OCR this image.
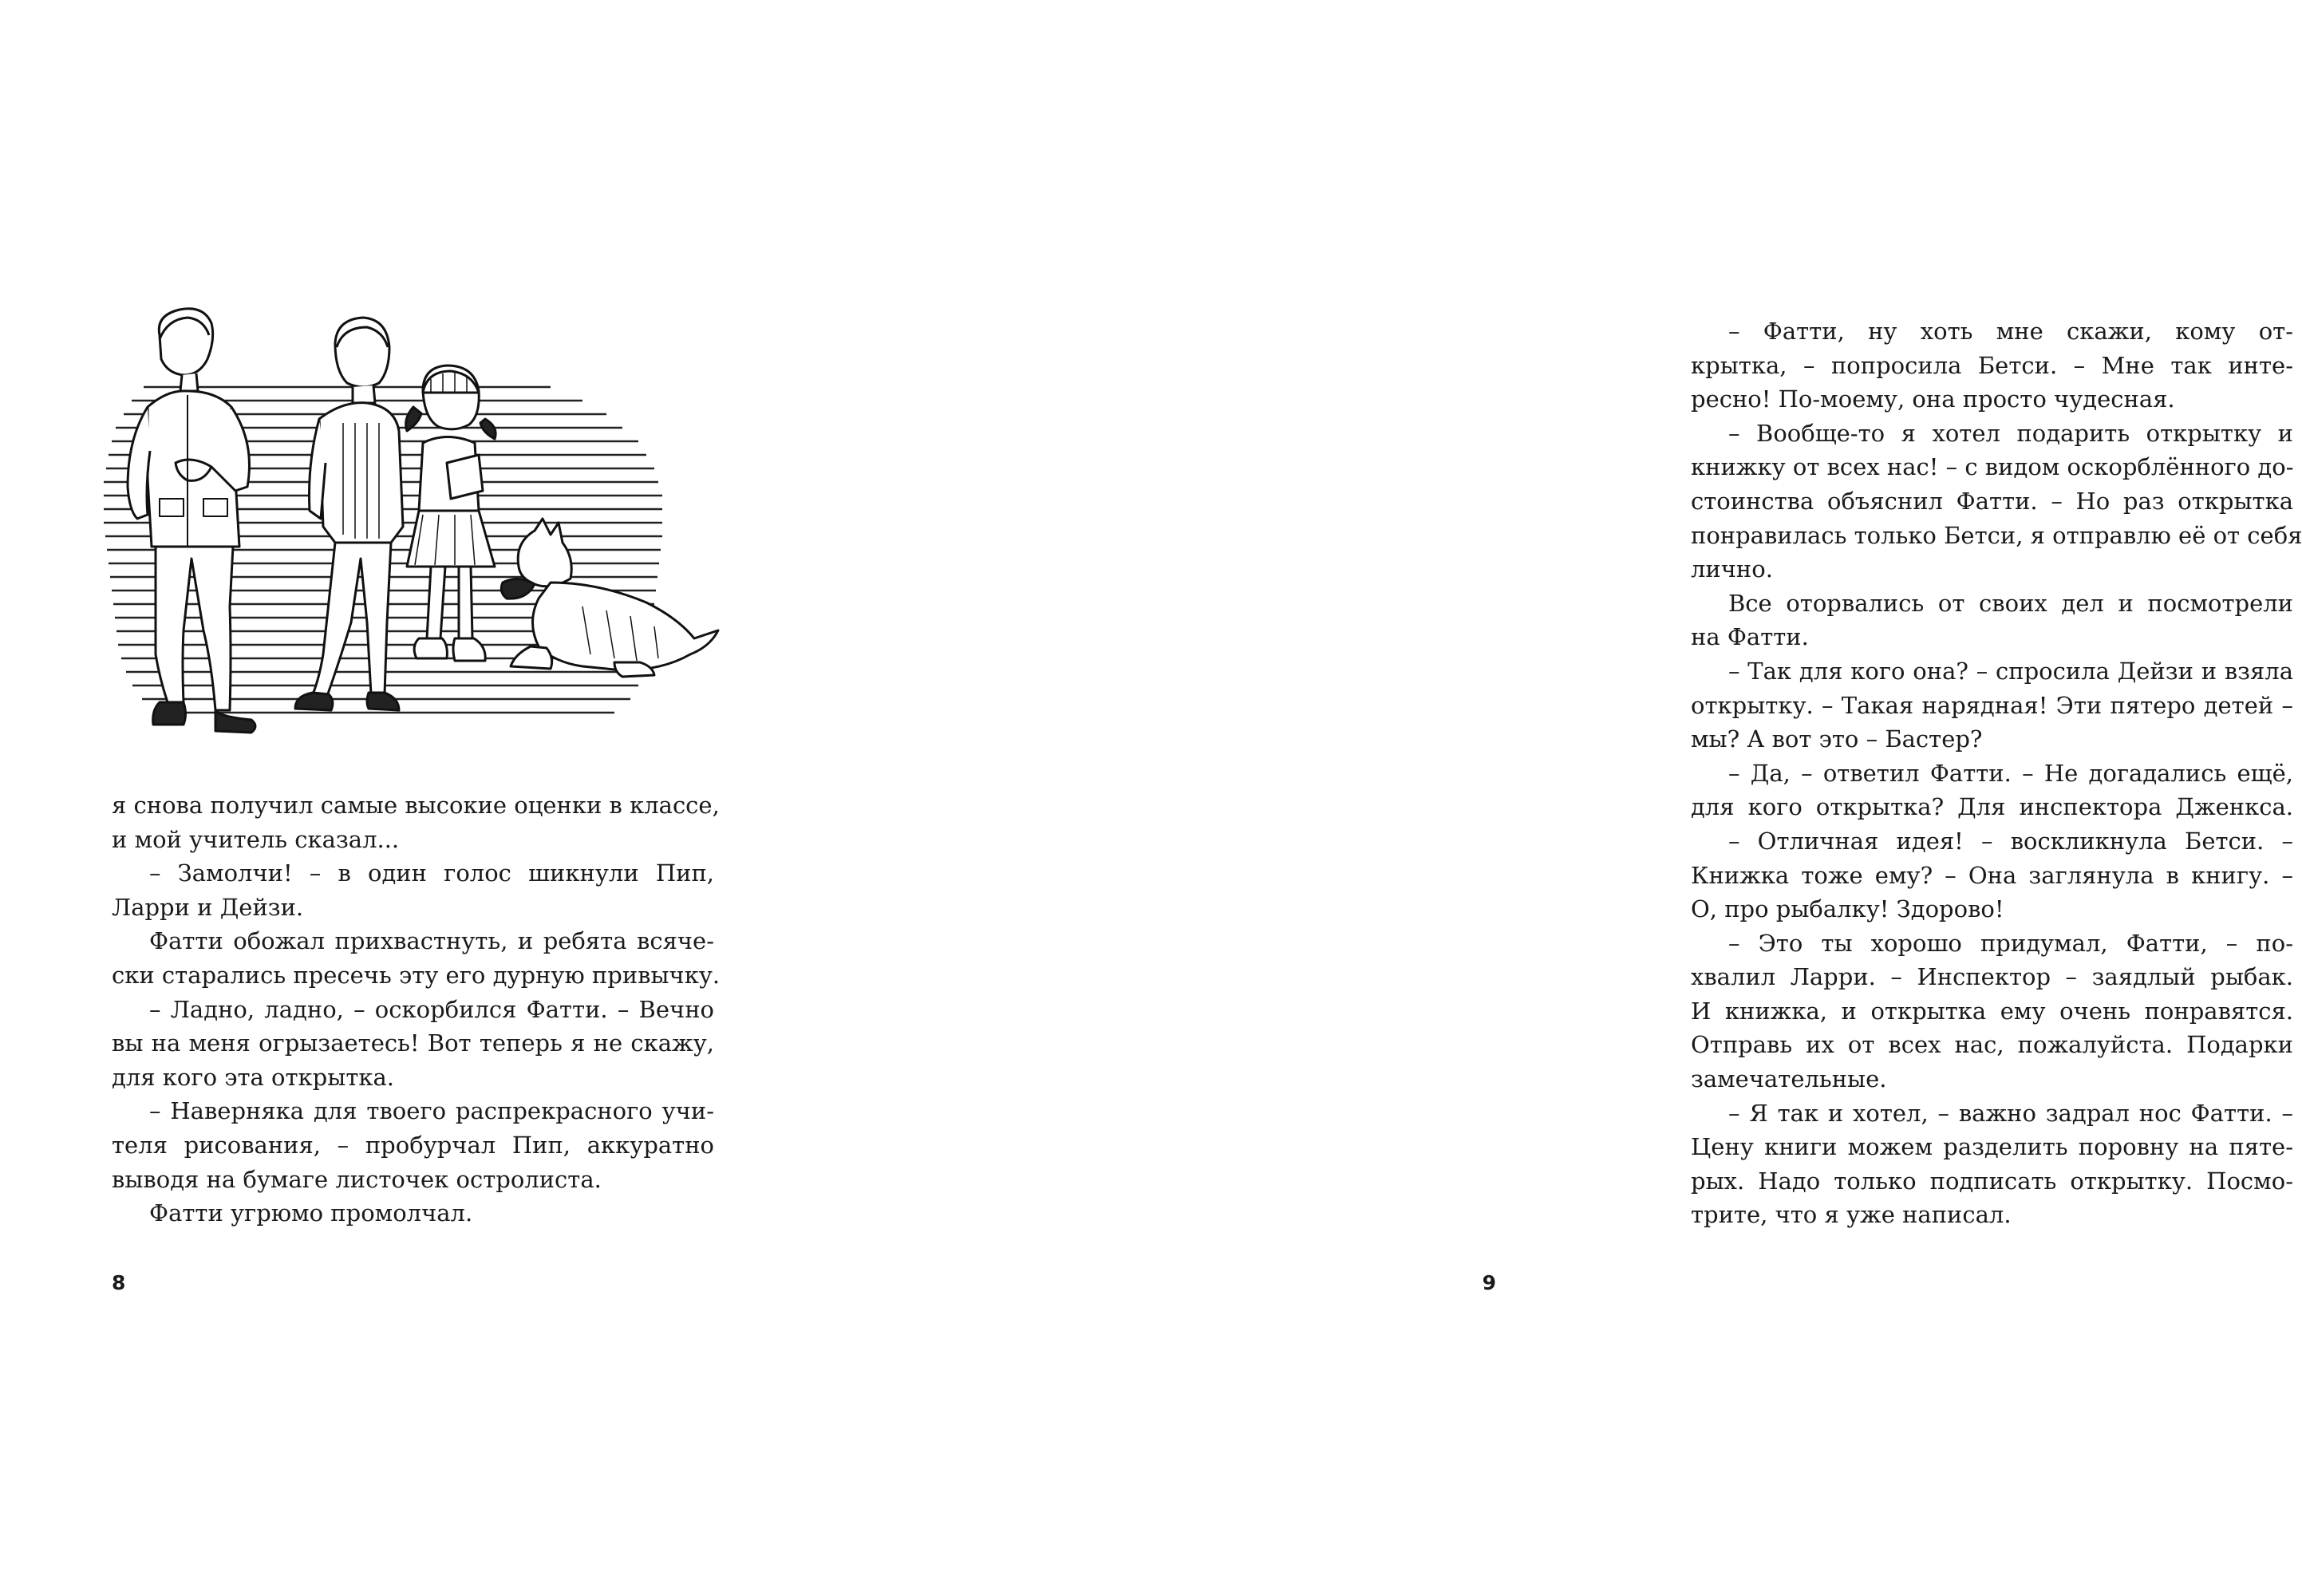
я снова получил самые высокие оценки в классе,
и мой учитель сказал...
– Замолчи! – в один голос шикнули Пип,
Ларри и Дейзи.
Фатти обожал прихвастнуть, и ребята всяче-
ски старались пресечь эту его дурную привычку.
– Ладно, ладно, – оскорбился Фатти. – Вечно
вы на меня огрызаетесь! Вот теперь я не скажу,
для кого эта открытка.
– Наверняка для твоего распрекрасного учи-
теля рисования, – пробурчал Пип, аккуратно
выводя на бумаге листочек остролиста.
Фатти угрюмо промолчал.
8
– Фатти, ну хоть мне скажи, кому от-
крытка, – попросила Бетси. – Мне так инте-
ресно! По-моему, она просто чудесная.
– Вообще-то я хотел подарить открытку и
книжку от всех нас! – с видом оскорблённого до-
стоинства объяснил Фатти. – Но раз открытка
понравилась только Бетси, я отправлю её от себя
лично.
Все оторвались от своих дел и посмотрели
на Фатти.
– Так для кого она? – спросила Дейзи и взяла
открытку. – Такая нарядная! Эти пятеро детей –
мы? А вот это – Бастер?
– Да, – ответил Фатти. – Не догадались ещё,
для кого открытка? Для инспектора Дженкса.
– Отличная идея! – воскликнула Бетси. –
Книжка тоже ему? – Она заглянула в книгу. –
О, про рыбалку! Здорово!
– Это ты хорошо придумал, Фатти, – по-
хвалил Ларри. – Инспектор – заядлый рыбак.
И книжка, и открытка ему очень понравятся.
Отправь их от всех нас, пожалуйста. Подарки
замечательные.
– Я так и хотел, – важно задрал нос Фатти. –
Цену книги можем разделить поровну на пяте-
рых. Надо только подписать открытку. Посмо-
трите, что я уже написал.
9
